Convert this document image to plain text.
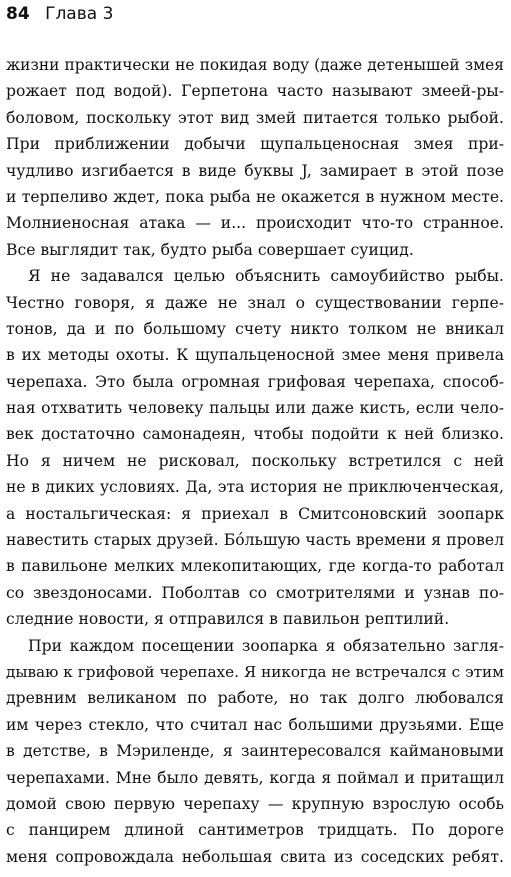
84 Глава 3
жизни практически не покидая воду (даже детенышей змея
рожает под водой). Герпетона часто называют змеей-ры-
боловом, поскольку этот вид змей питается только рыбой.
При приближении добычи щупальценосная змея при-
чудливо изгибается в виде буквы J, замирает в этой позе
и терпеливо ждет, пока рыба не окажется в нужном месте.
Молниеносная атака — и... происходит что-то странное.
Все выглядит так, будто рыба совершает суицид.
Я не задавался целью объяснить самоубийство рыбы.
Честно говоря, я даже не знал о существовании герпе-
тонов, да и по большому счету никто толком не вникал
в их методы охоты. К щупальценосной змее меня привела
черепаха. Это была огромная грифовая черепаха, способ-
ная отхватить человеку пальцы или даже кисть, если чело-
век достаточно самонадеян, чтобы подойти к ней близко.
Но я ничем не рисковал, поскольку встретился с ней
не в диких условиях. Да, эта история не приключенческая,
а ностальгическая: я приехал в Смитсоновский зоопарк
навестить старых друзей. Бóльшую часть времени я провел
в павильоне мелких млекопитающих, где когда-то работал
со звездоносами. Поболтав со смотрителями и узнав по-
следние новости, я отправился в павильон рептилий.
При каждом посещении зоопарка я обязательно загля-
дываю к грифовой черепахе. Я никогда не встречался с этим
древним великаном по работе, но так долго любовался
им через стекло, что считал нас большими друзьями. Еще
в детстве, в Мэриленде, я заинтересовался каймановыми
черепахами. Мне было девять, когда я поймал и притащил
домой свою первую черепаху — крупную взрослую особь
с панцирем длиной сантиметров тридцать. По дороге
меня сопровождала небольшая свита из соседских ребят.
